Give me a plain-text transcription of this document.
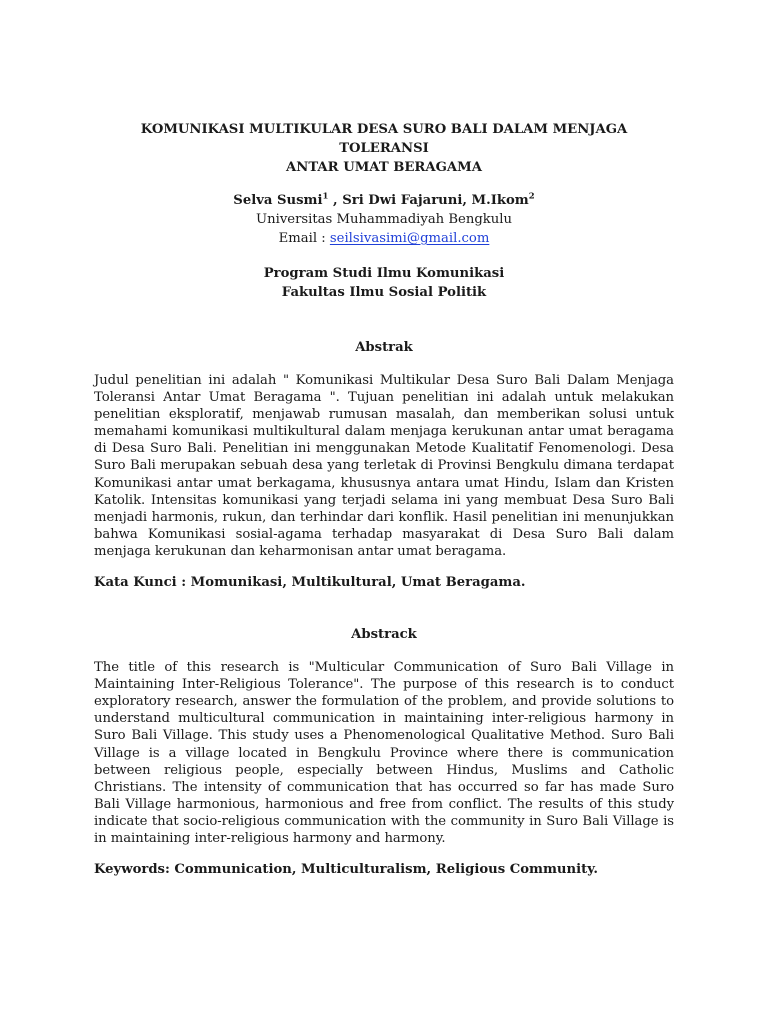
KOMUNIKASI MULTIKULAR DESA SURO BALI DALAM MENJAGA TOLERANSI
ANTAR UMAT BERAGAMA
Selva Susmi$^1$ , Sri Dwi Fajaruni, M.Ikom$^2$
Universitas Muhammadiyah Bengkulu
Email : seilsivasimi@gmail.com
Program Studi Ilmu Komunikasi
Fakultas Ilmu Sosial Politik
Abstrak
Judul penelitian ini adalah " Komunikasi Multikular Desa Suro Bali Dalam Menjaga Toleransi Antar Umat Beragama ". Tujuan penelitian ini adalah untuk melakukan penelitian eksploratif, menjawab rumusan masalah, dan memberikan solusi untuk memahami komunikasi multikultural dalam menjaga kerukunan antar umat beragama di Desa Suro Bali. Penelitian ini menggunakan Metode Kualitatif Fenomenologi. Desa Suro Bali merupakan sebuah desa yang terletak di Provinsi Bengkulu dimana terdapat Komunikasi antar umat berkagama, khususnya antara umat Hindu, Islam dan Kristen Katolik. Intensitas komunikasi yang terjadi selama ini yang membuat Desa Suro Bali menjadi harmonis, rukun, dan terhindar dari konflik. Hasil penelitian ini menunjukkan bahwa Komunikasi sosial-agama terhadap masyarakat di Desa Suro Bali dalam menjaga kerukunan dan keharmonisan antar umat beragama.
Kata Kunci : Momunikasi, Multikultural, Umat Beragama.
Abstrack
The title of this research is "Multicular Communication of Suro Bali Village in Maintaining Inter-Religious Tolerance". The purpose of this research is to conduct exploratory research, answer the formulation of the problem, and provide solutions to understand multicultural communication in maintaining inter-religious harmony in Suro Bali Village. This study uses a Phenomenological Qualitative Method. Suro Bali Village is a village located in Bengkulu Province where there is communication between religious people, especially between Hindus, Muslims and Catholic Christians. The intensity of communication that has occurred so far has made Suro Bali Village harmonious, harmonious and free from conflict. The results of this study indicate that socio-religious communication with the community in Suro Bali Village is in maintaining inter-religious harmony and harmony.
Keywords: Communication, Multiculturalism, Religious Community.
